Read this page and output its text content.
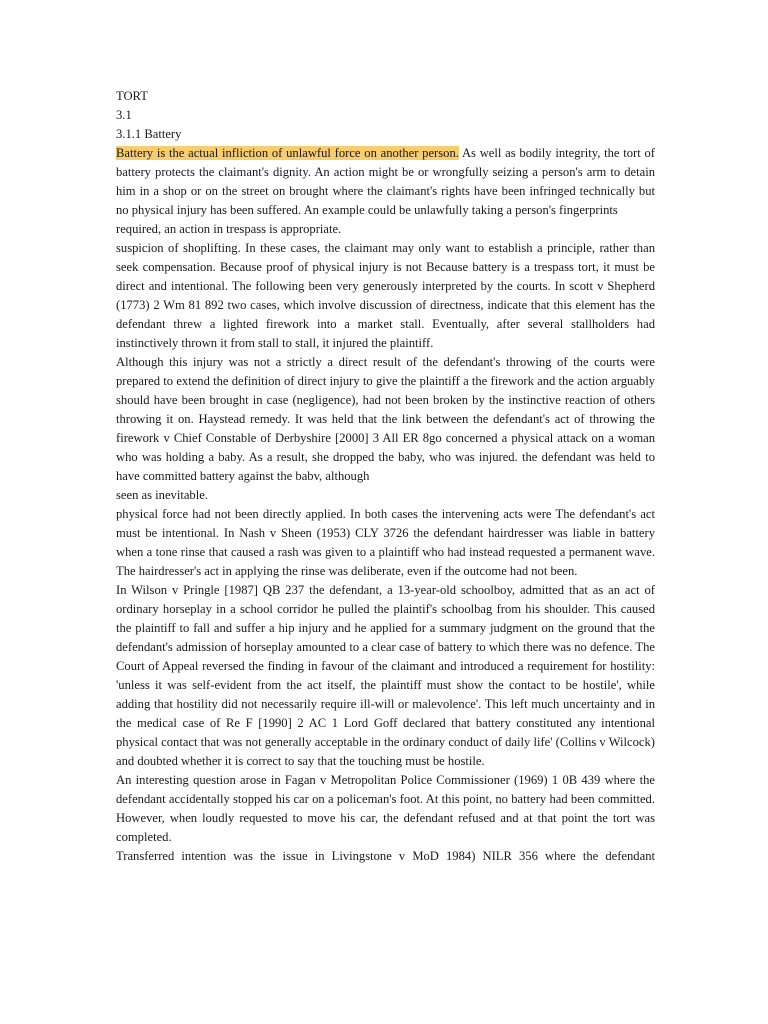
TORT
3.1
3.1.1 Battery

Battery is the actual infliction of unlawful force on another person. As well as bodily integrity, the tort of battery protects the claimant's dignity. An action might be or wrongfully seizing a person's arm to detain him in a shop or on the street on brought where the claimant's rights have been infringed technically but no physical injury has been suffered. An example could be unlawfully taking a person's fingerprints

required, an action in trespass is appropriate.

suspicion of shoplifting. In these cases, the claimant may only want to establish a principle, rather than seek compensation. Because proof of physical injury is not Because battery is a trespass tort, it must be direct and intentional. The following been very generously interpreted by the courts. In scott v Shepherd (1773) 2 Wm 81 892 two cases, which involve discussion of directness, indicate that this element has the defendant threw a lighted firework into a market stall. Eventually, after several stallholders had instinctively thrown it from stall to stall, it injured the plaintiff.

Although this injury was not a strictly a direct result of the defendant's throwing of the courts were prepared to extend the definition of direct injury to give the plaintiff a the firework and the action arguably should have been brought in case (negligence), had not been broken by the instinctive reaction of others throwing it on. Haystead remedy. It was held that the link between the defendant's act of throwing the firework v Chief Constable of Derbyshire [2000] 3 All ER 8go concerned a physical attack on a woman who was holding a baby. As a result, she dropped the baby, who was injured. the defendant was held to have committed battery against the babv, although

seen as inevitable.

physical force had not been directly applied. In both cases the intervening acts were The defendant's act must be intentional. In Nash v Sheen (1953) CLY 3726 the defendant hairdresser was liable in battery when a tone rinse that caused a rash was given to a plaintiff who had instead requested a permanent wave. The hairdresser's act in applying the rinse was deliberate, even if the outcome had not been.

In Wilson v Pringle [1987] QB 237 the defendant, a 13-year-old schoolboy, admitted that as an act of ordinary horseplay in a school corridor he pulled the plaintif's schoolbag from his shoulder. This caused the plaintiff to fall and suffer a hip injury and he applied for a summary judgment on the ground that the defendant's admission of horseplay amounted to a clear case of battery to which there was no defence. The Court of Appeal reversed the finding in favour of the claimant and introduced a requirement for hostility: 'unless it was self-evident from the act itself, the plaintiff must show the contact to be hostile', while adding that hostility did not necessarily require ill-will or malevolence'. This left much uncertainty and in the medical case of Re F [1990] 2 AC 1 Lord Goff declared that battery constituted any intentional physical contact that was not generally acceptable in the ordinary conduct of daily life' (Collins v Wilcock) and doubted whether it is correct to say that the touching must be hostile.

An interesting question arose in Fagan v Metropolitan Police Commissioner (1969) 1 0B 439 where the defendant accidentally stopped his car on a policeman's foot. At this point, no battery had been committed. However, when loudly requested to move his car, the defendant refused and at that point the tort was completed.

Transferred intention was the issue in Livingstone v MoD 1984) NILR 356 where the defendant
